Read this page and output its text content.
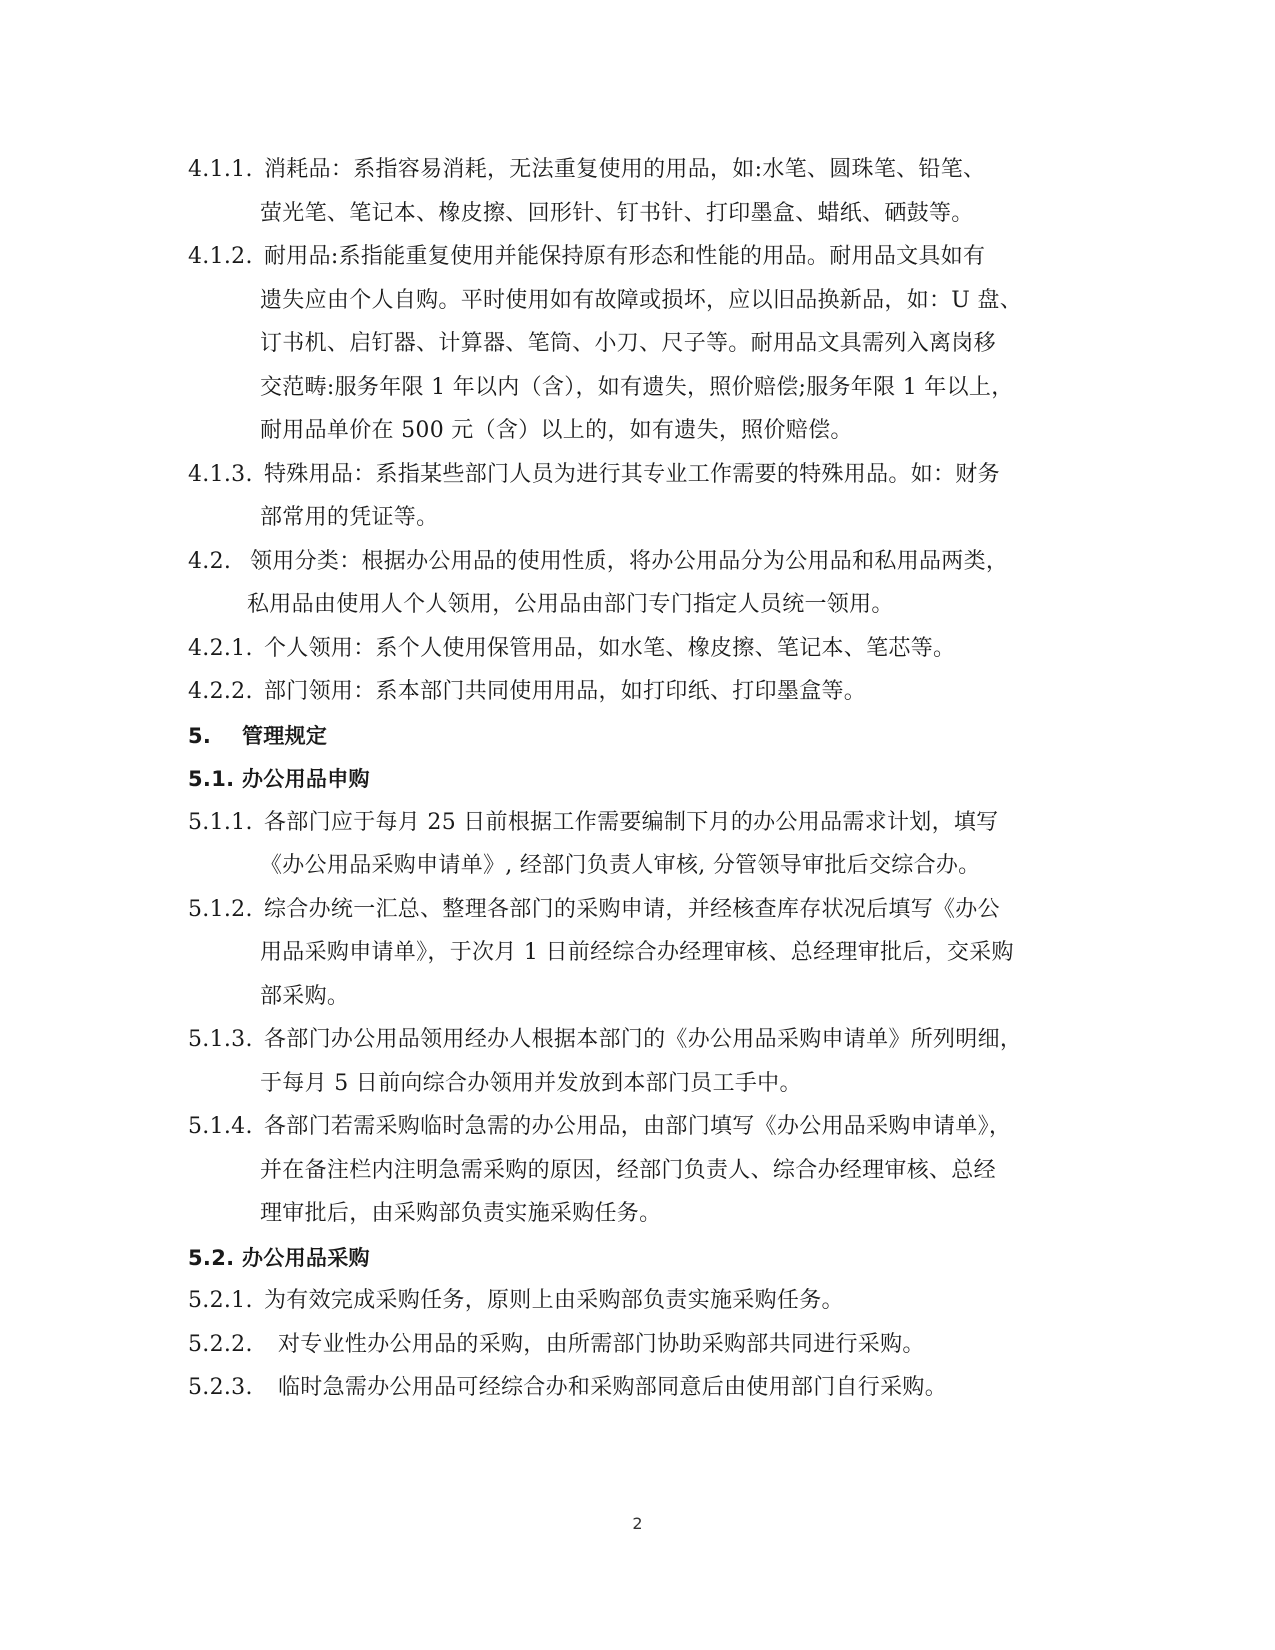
4.1.1. 消耗品：系指容易消耗，无法重复使用的用品，如:水笔、圆珠笔、铅笔、
萤光笔、笔记本、橡皮擦、回形针、钉书针、打印墨盒、蜡纸、硒鼓等。
4.1.2. 耐用品:系指能重复使用并能保持原有形态和性能的用品。耐用品文具如有
遗失应由个人自购。平时使用如有故障或损坏，应以旧品换新品，如：U 盘、
订书机、启钉器、计算器、笔筒、小刀、尺子等。耐用品文具需列入离岗移
交范畴:服务年限 1 年以内（含），如有遗失，照价赔偿;服务年限 1 年以上，
耐用品单价在 500 元（含）以上的，如有遗失，照价赔偿。
4.1.3. 特殊用品：系指某些部门人员为进行其专业工作需要的特殊用品。如：财务
部常用的凭证等。
4.2. 领用分类：根据办公用品的使用性质，将办公用品分为公用品和私用品两类，
私用品由使用人个人领用，公用品由部门专门指定人员统一领用。
4.2.1. 个人领用：系个人使用保管用品，如水笔、橡皮擦、笔记本、笔芯等。
4.2.2. 部门领用：系本部门共同使用用品，如打印纸、打印墨盒等。
5. 管理规定
5.1. 办公用品申购
5.1.1. 各部门应于每月 25 日前根据工作需要编制下月的办公用品需求计划，填写
《办公用品采购申请单》, 经部门负责人审核, 分管领导审批后交综合办。
5.1.2. 综合办统一汇总、整理各部门的采购申请，并经核查库存状况后填写《办公
用品采购申请单》，于次月 1 日前经综合办经理审核、总经理审批后，交采购
部采购。
5.1.3. 各部门办公用品领用经办人根据本部门的《办公用品采购申请单》所列明细，
于每月 5 日前向综合办领用并发放到本部门员工手中。
5.1.4. 各部门若需采购临时急需的办公用品，由部门填写《办公用品采购申请单》，
并在备注栏内注明急需采购的原因，经部门负责人、综合办经理审核、总经
理审批后，由采购部负责实施采购任务。
5.2. 办公用品采购
5.2.1. 为有效完成采购任务，原则上由采购部负责实施采购任务。
5.2.2. 对专业性办公用品的采购，由所需部门协助采购部共同进行采购。
5.2.3. 临时急需办公用品可经综合办和采购部同意后由使用部门自行采购。
2
